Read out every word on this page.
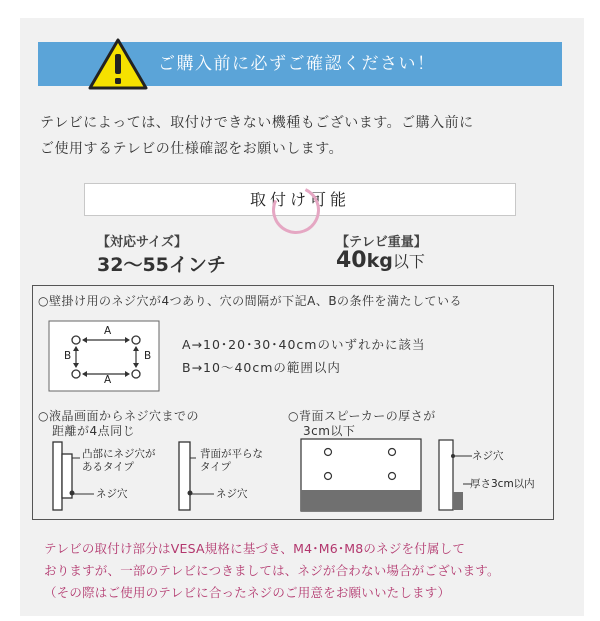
ご購入前に必ずご確認ください！
テレビによっては、取付けできない機種もございます。ご購入前に
ご使用するテレビの仕様確認をお願いします。
取付け可能
【対応サイズ】
32〜55インチ
【テレビ重量】
40kg以下
○壁掛け用のネジ穴が4つあり、穴の間隔が下記A、Bの条件を満たしている
A
A
B	B
A→10･20･30･40cmのいずれかに該当
B→10〜40cmの範囲以内
○液晶画面からネジ穴までの
距離が4点同じ
凸部にネジ穴が
あるタイプ
ネジ穴
背面が平らな
タイプ
ネジ穴
○背面スピーカーの厚さが
3cm以下
ネジ穴
厚さ3cm以内
テレビの取付け部分はVESA規格に基づき、M4･M6･M8のネジを付属して
おりますが、一部のテレビにつきましては、ネジが合わない場合がございます。
（その際はご使用のテレビに合ったネジのご用意をお願いいたします）
